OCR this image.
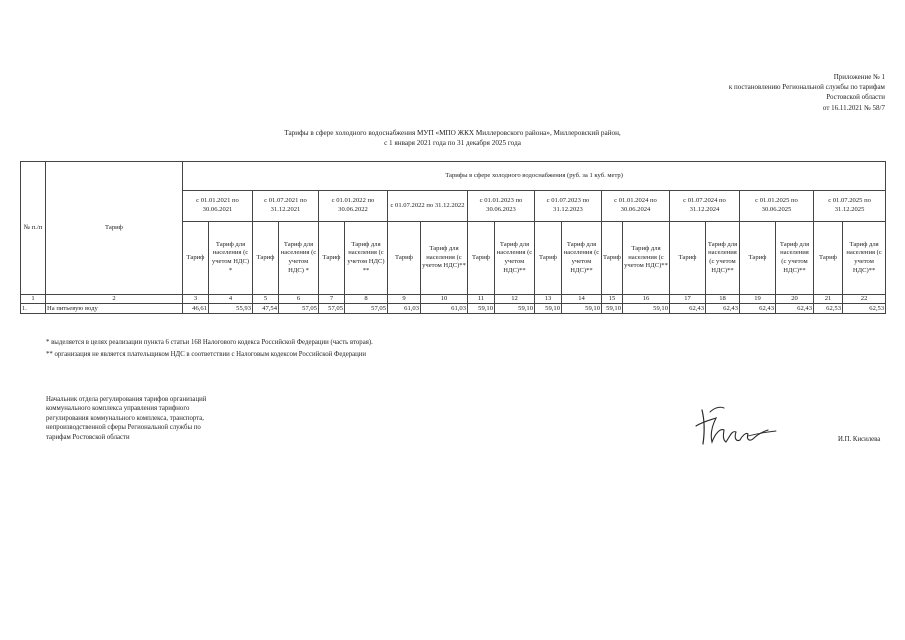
Приложение № 1
к постановлению Региональной службы по тарифам
Ростовской области
от 16.11.2021 № 58/7
Тарифы в сфере холодного водоснабжения МУП «МПО ЖКХ Миллеровского района», Миллеровский район,
с 1 января 2021 года по 31 декабря 2025 года
№ п./п	Тариф	Тарифы в сфере холодного водоснабжения (руб. за 1 куб. метр)																			
		с 01.01.2021 по 30.06.2021		с 01.07.2021 по 31.12.2021		с 01.01.2022 по 30.06.2022		с 01.07.2022 по 31.12.2022		с 01.01.2023 по 30.06.2023		с 01.07.2023 по 31.12.2023		с 01.01.2024 по 30.06.2024		с 01.07.2024 по 31.12.2024		с 01.01.2025 по 30.06.2025		с 01.07.2025 по 31.12.2025	
		Тариф	Тариф для населения (с учетом НДС) *	Тариф	Тариф для населения (с учетом НДС) *	Тариф	Тариф для населения (с учетом НДС) **	Тариф	Тариф для населения (с учетом НДС)**	Тариф	Тариф для населения (с учетом НДС)**	Тариф	Тариф для населения (с учетом НДС)**	Тариф	Тариф для населения (с учетом НДС)**	Тариф	Тариф для населения (с учетом НДС)**	Тариф	Тариф для населения (с учетом НДС)**	Тариф	Тариф для населения (с учетом НДС)**
1	2	3	4	5	6	7	8	9	10	11	12	13	14	15	16	17	18	19	20	21	22
1.	На питьевую воду	46,61	55,93	47,54	57,05	57,05	57,05	61,03	61,03	59,10	59,10	59,10	59,10	59,10	59,10	62,43	62,43	62,43	62,43	62,53	62,53
* выделяется в целях реализации пункта 6 статьи 168 Налогового кодекса Российской Федерации (часть вторая).
** организация не является плательщиком НДС в соответствии с Налоговым кодексом Российской Федерации
Начальник отдела регулирования тарифов организаций
коммунального комплекса управления тарифного
регулирования коммунального комплекса, транспорта,
непроизводственной сферы Региональной службы по
тарифам Ростовской области	И.П. Кисилева
